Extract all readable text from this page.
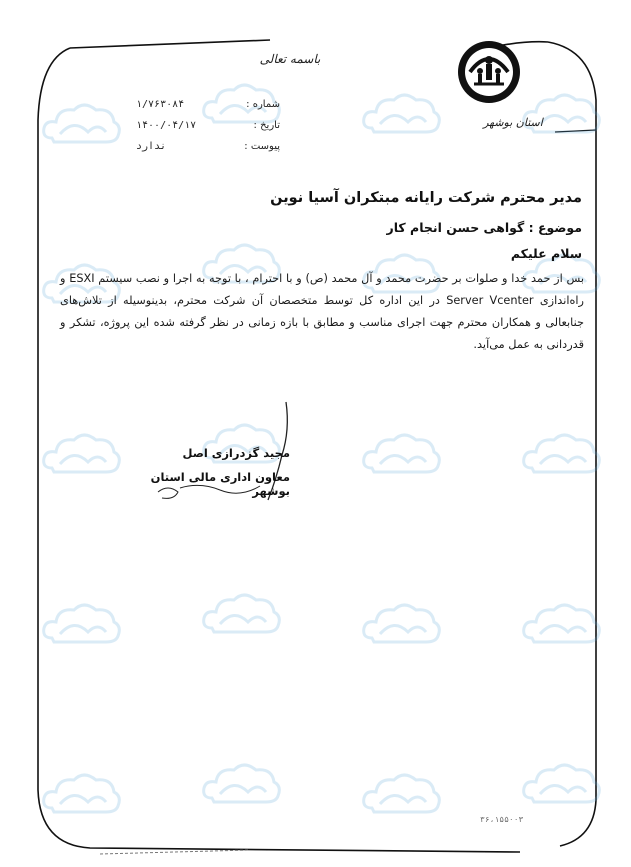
استان بوشهر
باسمه تعالی
شماره :
۱/۷۶۳۰۸۴
تاریخ :
۱۴۰۰/۰۴/۱۷
پیوست :
ندارد
مدیر محترم شرکت رایانه مبتکران آسیا نوین
موضوع : گواهی حسن انجام کار
سلام علیکم

بس از حمد خدا و صلوات بر حضرت محمد و آل محمد (ص) و با احترام ، با توجه به اجرا و نصب سیستم ESXI و راه‌اندازی Server Vcenter در این اداره کل توسط متخصصان آن شرکت محترم، بدینوسیله از تلاش‌های جنابعالی و همکاران محترم جهت اجرای مناسب و مطابق با بازه زمانی در نظر گرفته شده این پروژه، تشکر و قدردانی به عمل می‌آید.

مجید گزدرازی اصل
معاون اداری مالی استان بوشهر
۳۶،۱۵۵۰۰۳
